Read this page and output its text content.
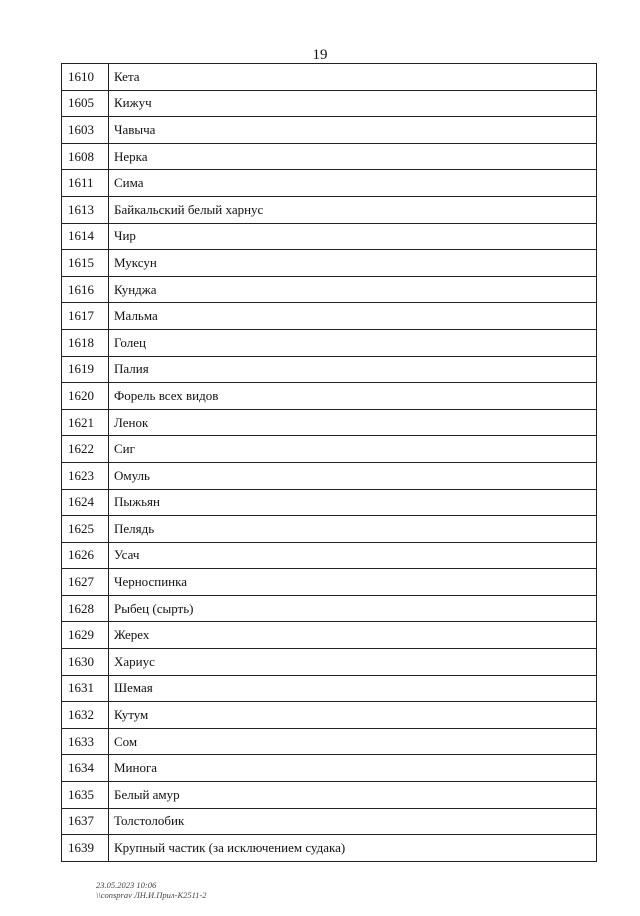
19
1610	Кета
1605	Кижуч
1603	Чавыча
1608	Нерка
1611	Сима
1613	Байкальский белый харнус
1614	Чир
1615	Муксун
1616	Кунджа
1617	Мальма
1618	Голец
1619	Палия
1620	Форель всех видов
1621	Ленок
1622	Сиг
1623	Омуль
1624	Пыжьян
1625	Пелядь
1626	Усач
1627	Черноспинка
1628	Рыбец (сырть)
1629	Жерех
1630	Хариус
1631	Шемая
1632	Кутум
1633	Сом
1634	Минога
1635	Белый амур
1637	Толстолобик
1639	Крупный частик (за исключением судака)
23.05.2023 10:06
\\consprav ЛН.И.Прил-К2511-2
